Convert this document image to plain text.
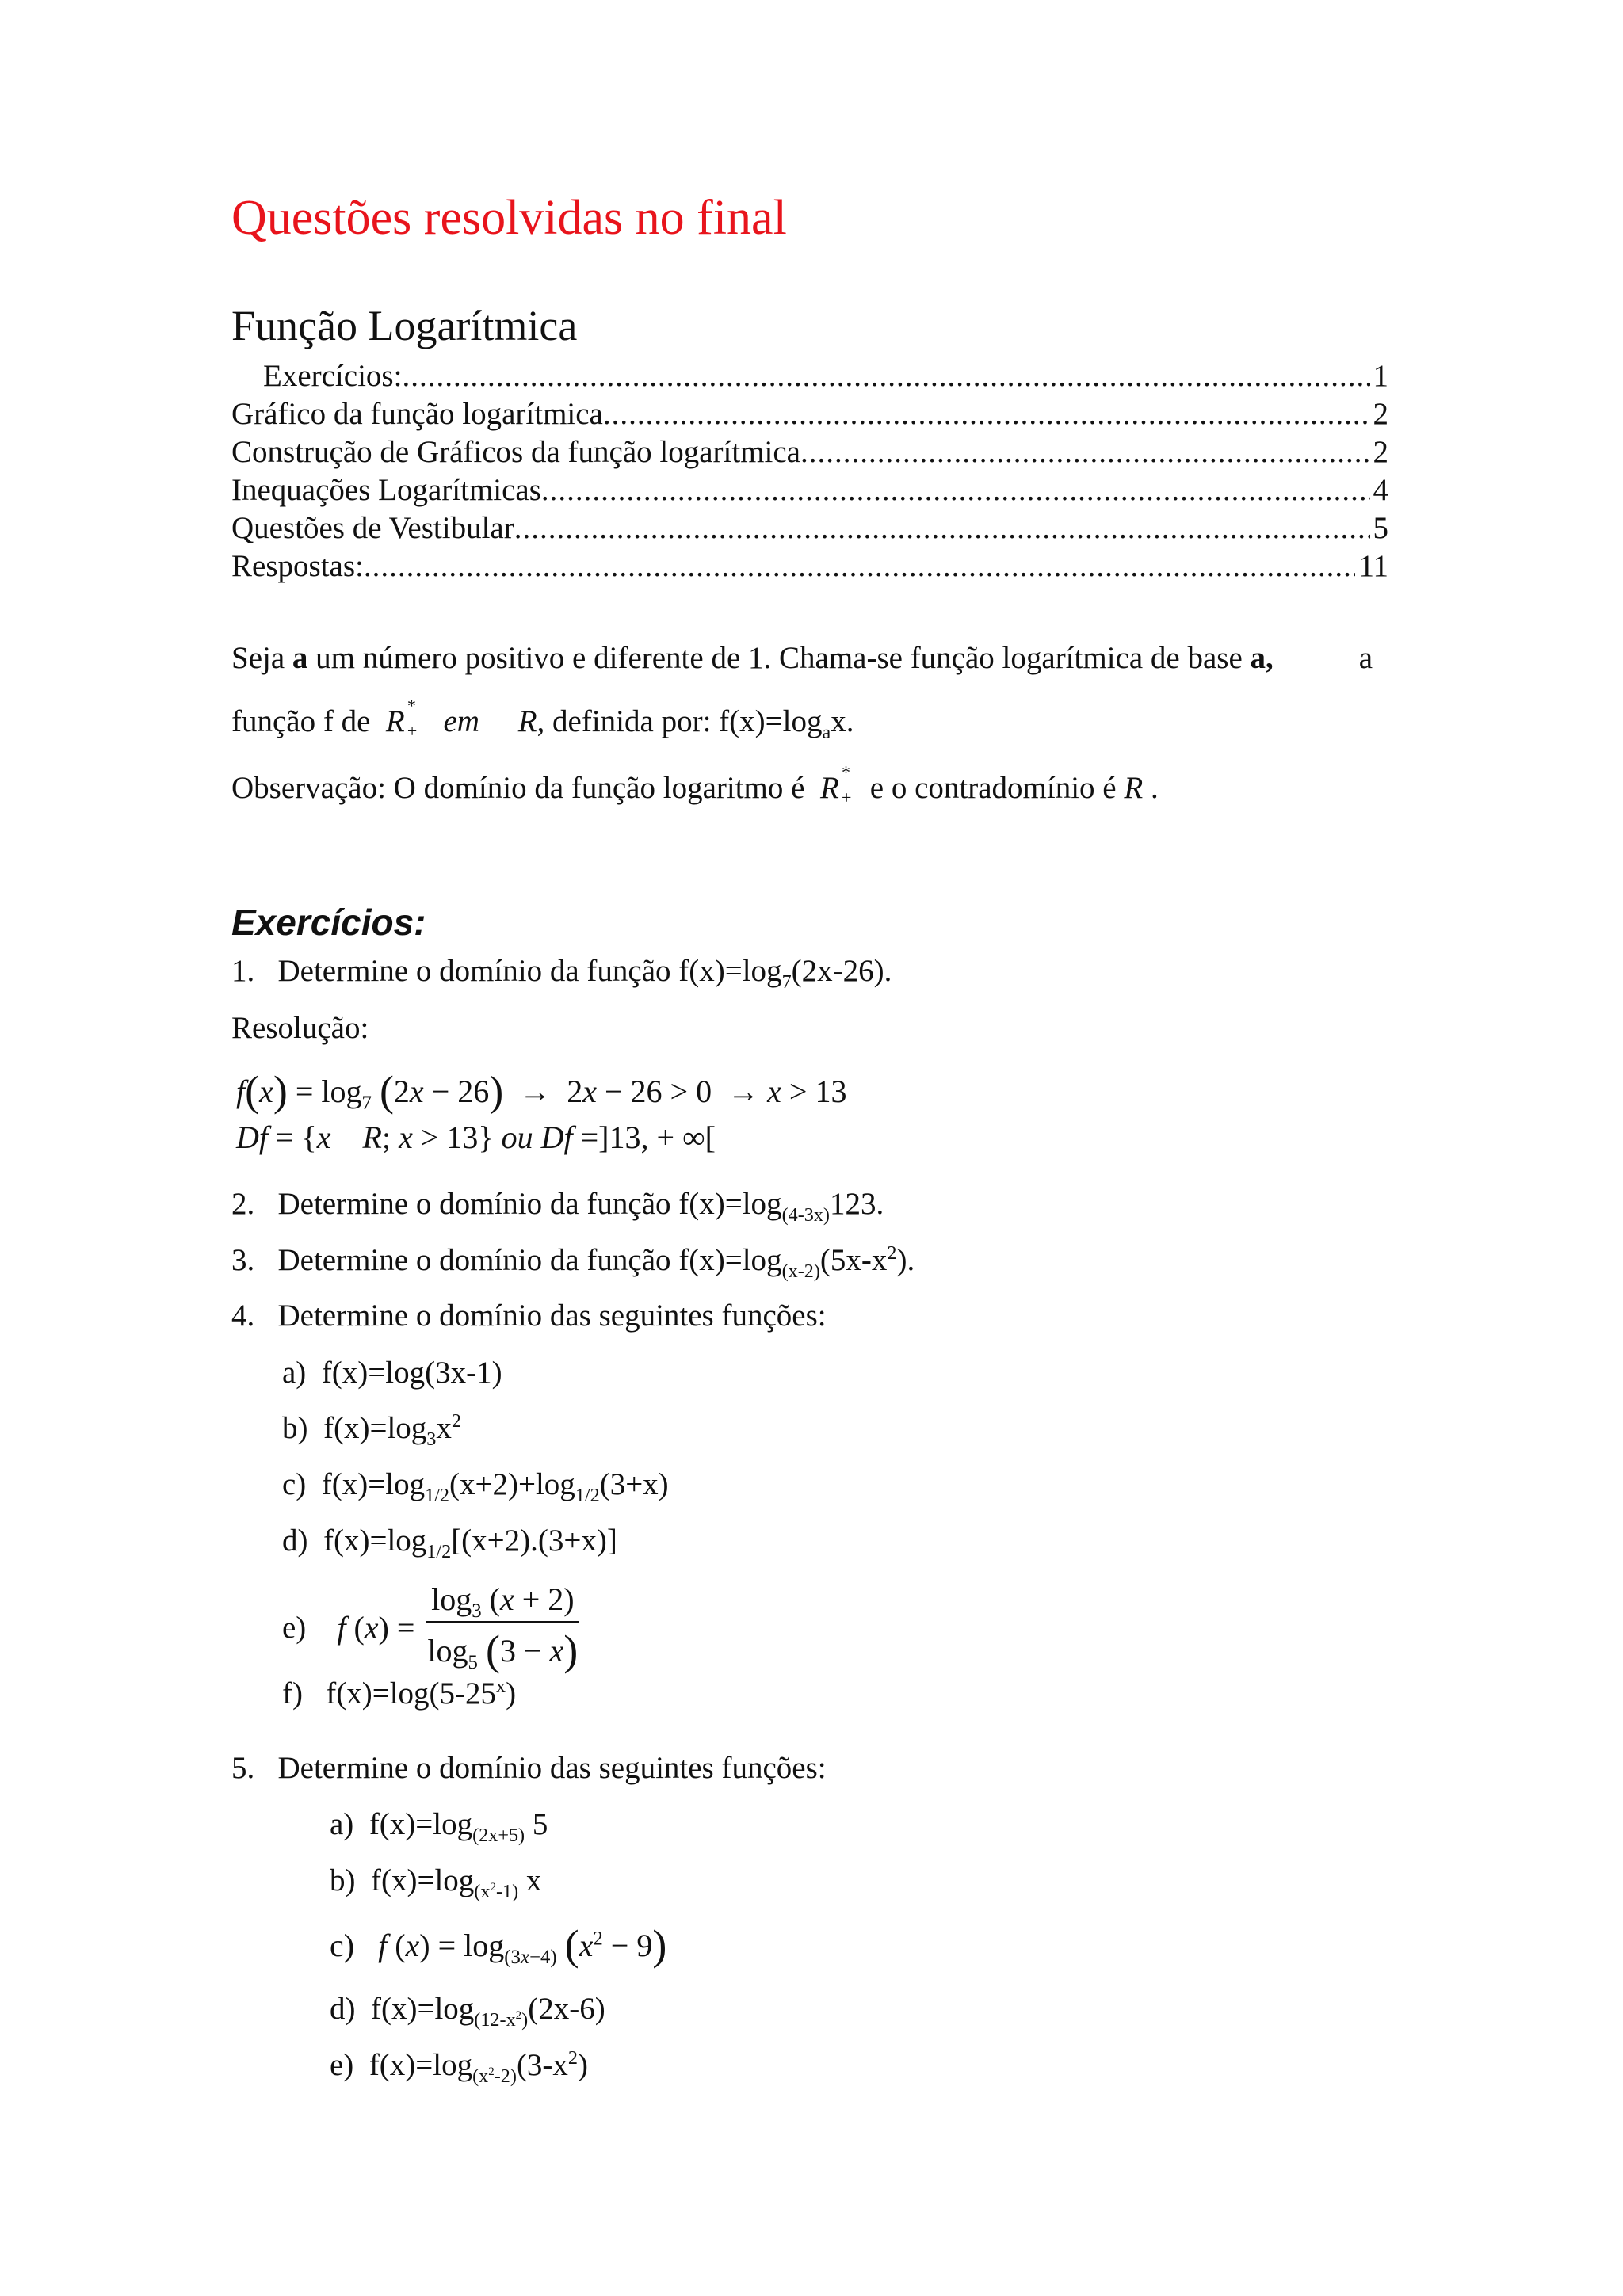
Questões resolvidas no final
Função Logarítmica
Exercícios: .....	1
Gráfico da função logarítmica .....	2
Construção de Gráficos da função logarítmica .....	2
Inequações Logarítmicas .....	4
Questões de Vestibular .....	5
Respostas: .....	11
Seja a um número positivo e diferente de 1. Chama-se função logarítmica de base a,	a
função f de R *
+ em R, definida por: $f(x)=\log_ax$.
Observação: O domínio da função logaritmo é R *
+ e o contradomínio é R .
Exercícios:
1. Determine o domínio da função $f(x)=\log_7(2x-26)$.
Resolução:
$f(x) = \log_7 (2x - 26) \to 2x - 26 > 0 \to x > 13$
Df = {x R; x > 13} ou Df =]13, + ∞[
2. Determine o domínio da função $f(x)=\log_{(4-3x)}123$.
3. Determine o domínio da função $f(x)=\log_{(x-2)}(5x-x^2)$.
4. Determine o domínio das seguintes funções:
a) f(x)=log(3x-1)
b) $f(x)=\log_3x^2$
c) $f(x)=\log_{1/2}(x+2)+\log_{1/2}(3+x)$
d) $f(x)=\log_{1/2}[(x+2).(3+x)]$
e)
f $(x) = \frac{\log_3 (x + 2)}{\log_5 (3 - x)}$
f) $f(x)=\log(5-25^x)$
5. Determine o domínio das seguintes funções:
a) $f(x)=\log_{(2x+5)}$ 5
b) $f(x)=\log_{(x^2-1)}$ x
c) f $(x) = \log_{(3x-4)} (x^2 - 9)$
d) $f(x)=\log_{(12-x^2)}(2x-6)$
e) $f(x)=\log_{(x^2-2)}(3-x^2)$
